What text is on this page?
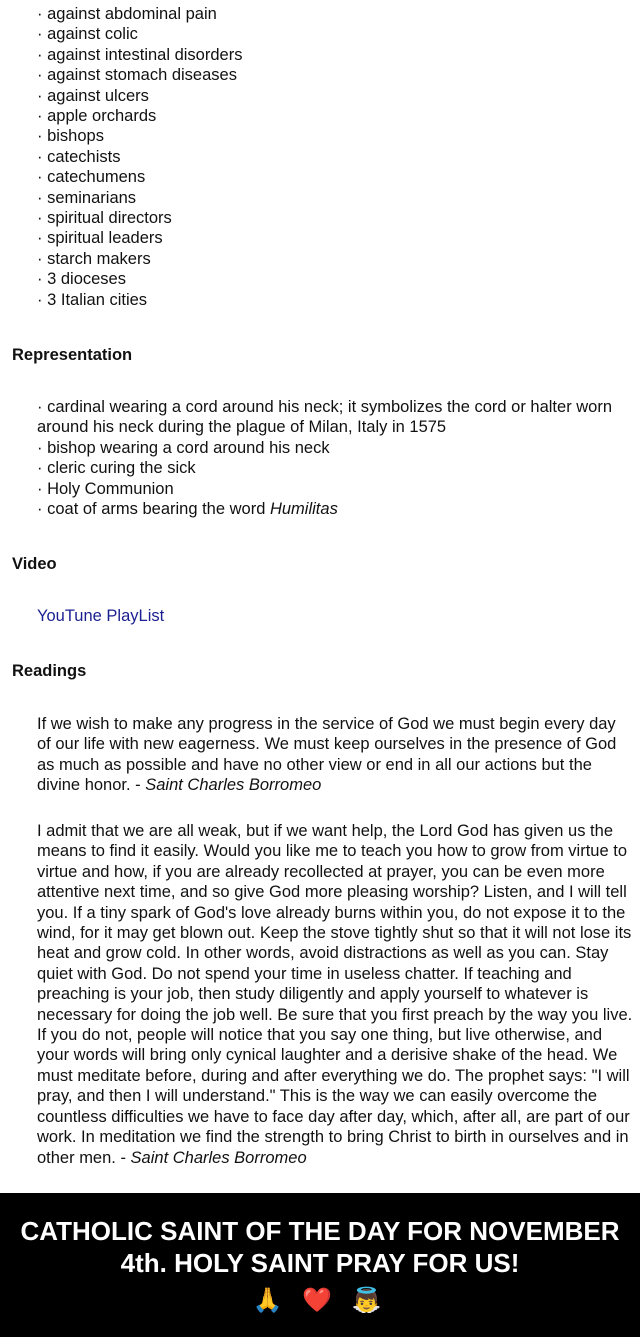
· against abdominal pain
· against colic
· against intestinal disorders
· against stomach diseases
· against ulcers
· apple orchards
· bishops
· catechists
· catechumens
· seminarians
· spiritual directors
· spiritual leaders
· starch makers
· 3 dioceses
· 3 Italian cities
Representation
· cardinal wearing a cord around his neck; it symbolizes the cord or halter worn around his neck during the plague of Milan, Italy in 1575
· bishop wearing a cord around his neck
· cleric curing the sick
· Holy Communion
· coat of arms bearing the word Humilitas
Video
YouTune PlayList
Readings

If we wish to make any progress in the service of God we must begin every day of our life with new eagerness. We must keep ourselves in the presence of God as much as possible and have no other view or end in all our actions but the divine honor. - Saint Charles Borromeo

I admit that we are all weak, but if we want help, the Lord God has given us the means to find it easily. Would you like me to teach you how to grow from virtue to virtue and how, if you are already recollected at prayer, you can be even more attentive next time, and so give God more pleasing worship? Listen, and I will tell you. If a tiny spark of God's love already burns within you, do not expose it to the wind, for it may get blown out. Keep the stove tightly shut so that it will not lose its heat and grow cold. In other words, avoid distractions as well as you can. Stay quiet with God. Do not spend your time in useless chatter. If teaching and preaching is your job, then study diligently and apply yourself to whatever is necessary for doing the job well. Be sure that you first preach by the way you live. If you do not, people will notice that you say one thing, but live otherwise, and your words will bring only cynical laughter and a derisive shake of the head. We must meditate before, during and after everything we do. The prophet says: "I will pray, and then I will understand." This is the way we can easily overcome the countless difficulties we have to face day after day, which, after all, are part of our work. In meditation we find the strength to bring Christ to birth in ourselves and in other men. - Saint Charles Borromeo

CATHOLIC SAINT OF THE DAY FOR NOVEMBER 4th. HOLY SAINT PRAY FOR US!

🙏 ❤️ 👼
